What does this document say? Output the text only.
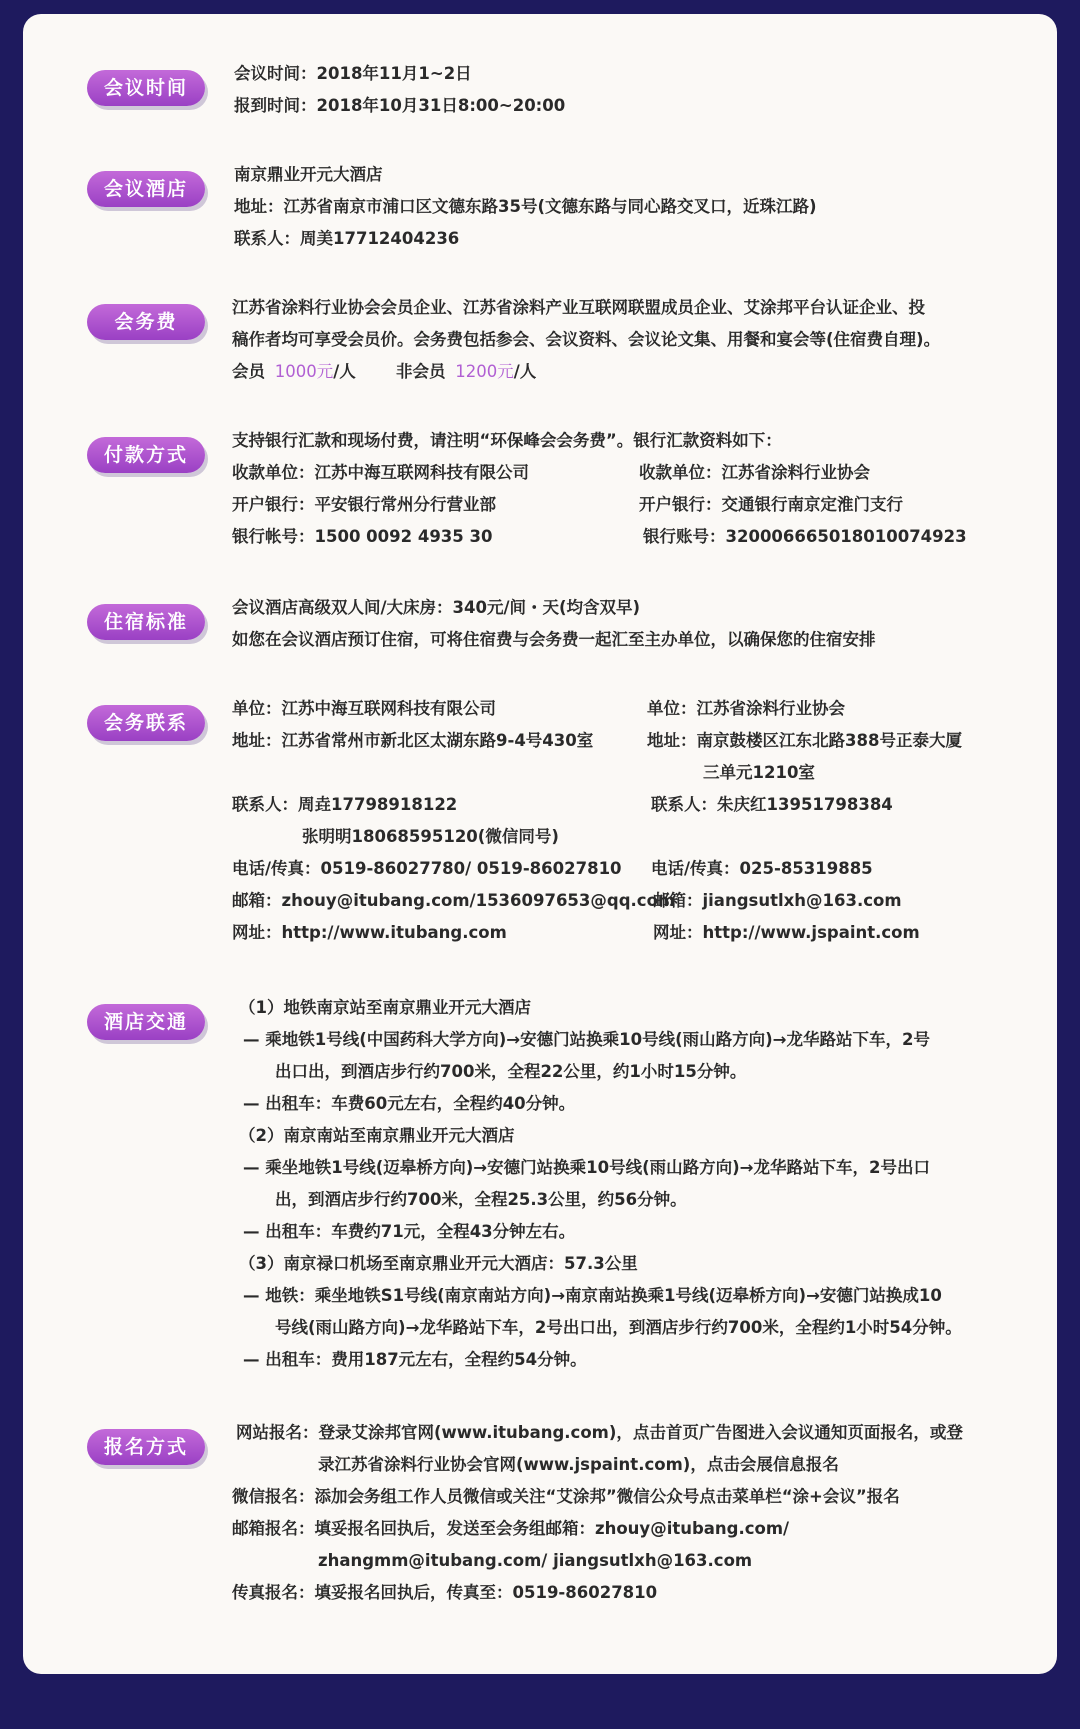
会议时间
会议时间：2018年11月1~2日
报到时间：2018年10月31日8:00~20:00
会议酒店
南京鼎业开元大酒店
地址：江苏省南京市浦口区文德东路35号(文德东路与同心路交叉口，近珠江路)
联系人：周美17712404236
会务费
江苏省涂料行业协会会员企业、江苏省涂料产业互联网联盟成员企业、艾涂邦平台认证企业、投
稿作者均可享受会员价。会务费包括参会、会议资料、会议论文集、用餐和宴会等(住宿费自理)。
会员 1000元/人 非会员 1200元/人
付款方式
支持银行汇款和现场付费，请注明“环保峰会会务费”。银行汇款资料如下：
收款单位：江苏中海互联网科技有限公司
开户银行：平安银行常州分行营业部
银行帐号：1500 0092 4935 30
收款单位：江苏省涂料行业协会
开户银行：交通银行南京定淮门支行
银行账号：320006665018010074923
住宿标准
会议酒店高级双人间/大床房：340元/间・天(均含双早)
如您在会议酒店预订住宿，可将住宿费与会务费一起汇至主办单位，以确保您的住宿安排
会务联系
单位：江苏中海互联网科技有限公司
地址：江苏省常州市新北区太湖东路9-4号430室
联系人：周垚17798918122
张明明18068595120(微信同号)
电话/传真：0519-86027780/ 0519-86027810
邮箱：zhouy@itubang.com/1536097653@qq.com
网址：http://www.itubang.com
单位：江苏省涂料行业协会
地址：南京鼓楼区江东北路388号正泰大厦
三单元1210室
联系人：朱庆红13951798384
电话/传真：025-85319885
邮箱：jiangsutlxh@163.com
网址：http://www.jspaint.com
酒店交通
（1）地铁南京站至南京鼎业开元大酒店
— 乘地铁1号线(中国药科大学方向)→安德门站换乘10号线(雨山路方向)→龙华路站下车，2号
出口出，到酒店步行约700米，全程22公里，约1小时15分钟。
— 出租车：车费60元左右，全程约40分钟。
（2）南京南站至南京鼎业开元大酒店
— 乘坐地铁1号线(迈皋桥方向)→安德门站换乘10号线(雨山路方向)→龙华路站下车，2号出口
出，到酒店步行约700米，全程25.3公里，约56分钟。
— 出租车：车费约71元，全程43分钟左右。
（3）南京禄口机场至南京鼎业开元大酒店：57.3公里
— 地铁：乘坐地铁S1号线(南京南站方向)→南京南站换乘1号线(迈皋桥方向)→安德门站换成10
号线(雨山路方向)→龙华路站下车，2号出口出，到酒店步行约700米，全程约1小时54分钟。
— 出租车：费用187元左右，全程约54分钟。
报名方式
网站报名：登录艾涂邦官网(www.itubang.com)，点击首页广告图进入会议通知页面报名，或登
录江苏省涂料行业协会官网(www.jspaint.com)，点击会展信息报名
微信报名：添加会务组工作人员微信或关注“艾涂邦”微信公众号点击菜单栏“涂+会议”报名
邮箱报名：填妥报名回执后，发送至会务组邮箱：zhouy@itubang.com/
zhangmm@itubang.com/ jiangsutlxh@163.com
传真报名：填妥报名回执后，传真至：0519-86027810
